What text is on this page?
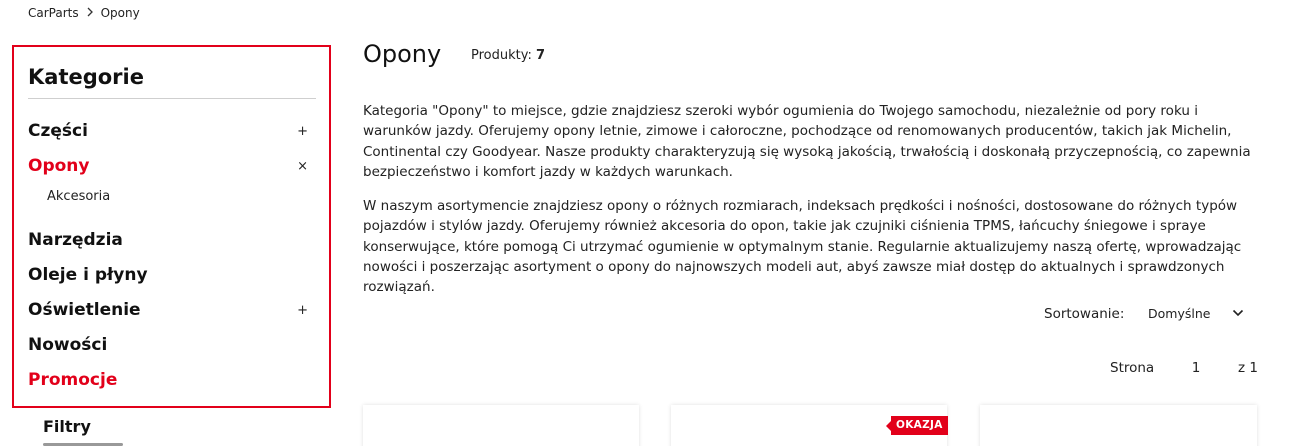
CarParts Opony
Kategorie
Części	+
Opony	×
Akcesoria
Narzędzia
Oleje i płyny
Oświetlenie	+
Nowości
Promocje
Filtry
Opony Produkty: 7

Kategoria "Opony" to miejsce, gdzie znajdziesz szeroki wybór ogumienia do Twojego samochodu, niezależnie od pory roku i warunków jazdy. Oferujemy opony letnie, zimowe i całoroczne, pochodzące od renomowanych producentów, takich jak Michelin, Continental czy Goodyear. Nasze produkty charakteryzują się wysoką jakością, trwałością i doskonałą przyczepnością, co zapewnia bezpieczeństwo i komfort jazdy w każdych warunkach.

W naszym asortymencie znajdziesz opony o różnych rozmiarach, indeksach prędkości i nośności, dostosowane do różnych typów pojazdów i stylów jazdy. Oferujemy również akcesoria do opon, takie jak czujniki ciśnienia TPMS, łańcuchy śniegowe i spraye konserwujące, które pomogą Ci utrzymać ogumienie w optymalnym stanie. Regularnie aktualizujemy naszą ofertę, wprowadzając nowości i poszerzając asortyment o opony do najnowszych modeli aut, abyś zawsze miał dostęp do aktualnych i sprawdzonych rozwiązań.

Sortowanie: Domyślne
Strona	1	z 1
OKAZJA
